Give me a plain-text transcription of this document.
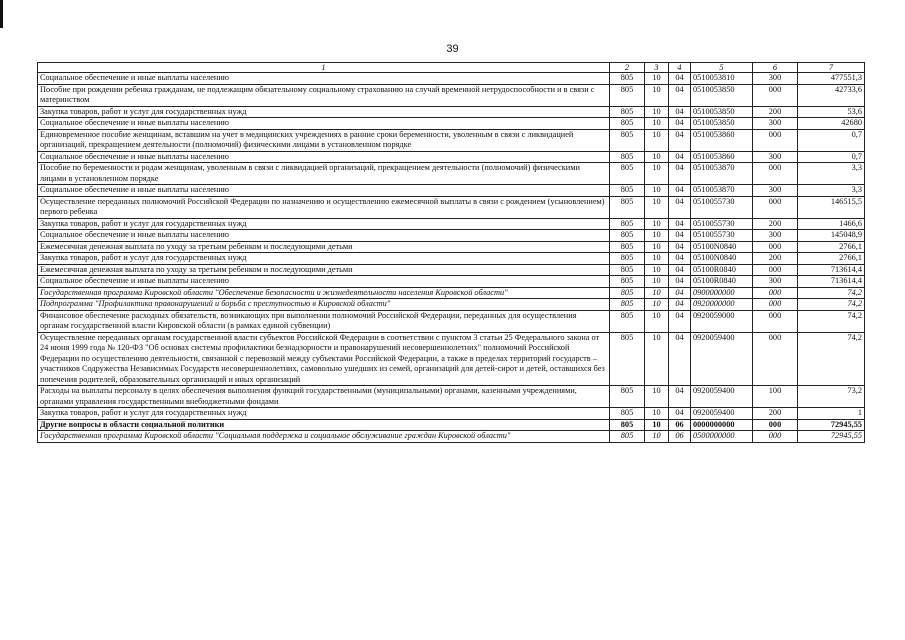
39
1	2	3	4	5	6	7
Социальное обеспечение и иные выплаты населению	805	10	04	0510053810	300	477551,3
Пособие при рождении ребенка гражданам, не подлежащим обязательному социальному страхованию на случай временной нетрудоспособности и в связи с материнством	805	10	04	0510053850	000	42733,6
Закупка товаров, работ и услуг для государственных нужд	805	10	04	0510053850	200	53,6
Социальное обеспечение и иные выплаты населению	805	10	04	0510053850	300	42680
Единовременное пособие женщинам, вставшим на учет в медицинских учреждениях в ранние сроки беременности, уволенным в связи с ликвидацией организаций, прекращением деятельности (полномочий) физическими лицами в установленном порядке	805	10	04	0510053860	000	0,7
Социальное обеспечение и иные выплаты населению	805	10	04	0510053860	300	0,7
Пособие по беременности и родам женщинам, уволенным в связи с ликвидацией организаций, прекращением деятельности (полномочий) физическими лицами в установленном порядке	805	10	04	0510053870	000	3,3
Социальное обеспечение и иные выплаты населению	805	10	04	0510053870	300	3,3
Осуществление переданных полномочий Российской Федерации по назначению и осуществлению ежемесячной выплаты в связи с рождением (усыновлением) первого ребенка	805	10	04	0510055730	000	146515,5
Закупка товаров, работ и услуг для государственных нужд	805	10	04	0510055730	200	1466,6
Социальное обеспечение и иные выплаты населению	805	10	04	0510055730	300	145048,9
Ежемесячная денежная выплата по уходу за третьим ребенком и последующими детьми	805	10	04	05100N0840	000	2766,1
Закупка товаров, работ и услуг для государственных нужд	805	10	04	05100N0840	200	2766,1
Ежемесячная денежная выплата по уходу за третьим ребенком и последующими детьми	805	10	04	05100R0840	000	713614,4
Социальное обеспечение и иные выплаты населению	805	10	04	05100R0840	300	713614,4
Государственная программа Кировской области "Обеспечение безопасности и жизнедеятельности населения Кировской области"	805	10	04	0900000000	000	74,2
Подпрограмма "Профилактика правонарушений и борьба с преступностью в Кировской области"	805	10	04	0920000000	000	74,2
Финансовое обеспечение расходных обязательств, возникающих при выполнении полномочий Российской Федерации, переданных для осуществления органам государственной власти Кировской области (в рамках единой субвенции)	805	10	04	0920059000	000	74,2
Осуществление переданных органам государственной власти субъектов Российской Федерации в соответствии с пунктом 3 статьи 25 Федерального закона от 24 июня 1999 года № 120-ФЗ "Об основах системы профилактики безнадзорности и правонарушений несовершеннолетних" полномочий Российской Федерации по осуществлению деятельности, связанной с перевозкой между субъектами Российской Федерации, а также в пределах территорий государств – участников Содружества Независимых Государств несовершеннолетних, самовольно ушедших из семей, организаций для детей-сирот и детей, оставшихся без попечения родителей, образовательных организаций и иных организаций	805	10	04	0920059400	000	74,2
Расходы на выплаты персоналу в целях обеспечения выполнения функций государственными (муниципальными) органами, казенными учреждениями, органами управления государственными внебюджетными фондами	805	10	04	0920059400	100	73,2
Закупка товаров, работ и услуг для государственных нужд	805	10	04	0920059400	200	1
Другие вопросы в области социальной политики	805	10	06	0000000000	000	72945,55
Государственная программа Кировской области "Социальная поддержка и социальное обслуживание граждан Кировской области"	805	10	06	0500000000	000	72945,55
